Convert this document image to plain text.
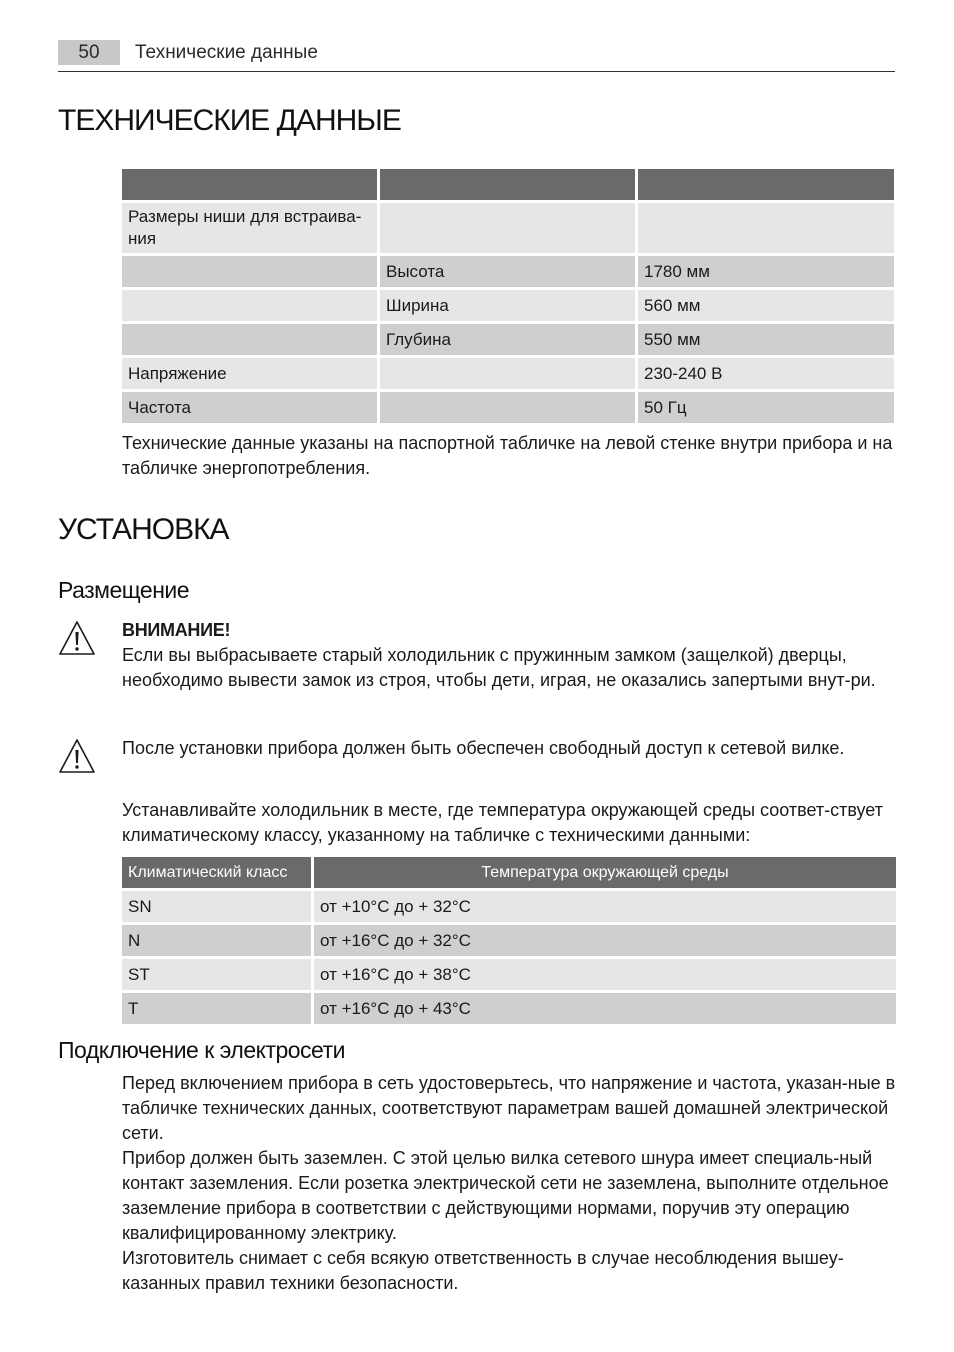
50	Технические данные
ТЕХНИЧЕСКИЕ ДАННЫЕ

Размеры ниши для встраива-ния		
	Высота	1780 мм
	Ширина	560 мм
	Глубина	550 мм
Напряжение		230-240 В
Частота		50 Гц

Технические данные указаны на паспортной табличке на левой стенке внутри прибора и на табличке энергопотребления.

УСТАНОВКА
Размещение
ВНИМАНИЕ!

Если вы выбрасываете старый холодильник с пружинным замком (защелкой) дверцы, необходимо вывести замок из строя, чтобы дети, играя, не оказались запертыми внут-ри.

После установки прибора должен быть обеспечен свободный доступ к сетевой вилке.

Устанавливайте холодильник в месте, где температура окружающей среды соответ-ствует климатическому классу, указанному на табличке с техническими данными:

Климатический класс	Температура окружающей среды
SN	от +10°C до + 32°C
N	от +16°C до + 32°C
ST	от +16°C до + 38°C
T	от +16°C до + 43°C
Подключение к электросети

Перед включением прибора в сеть удостоверьтесь, что напряжение и частота, указан-ные в табличке технических данных, соответствуют параметрам вашей домашней электрической сети.

Прибор должен быть заземлен. С этой целью вилка сетевого шнура имеет специаль-ный контакт заземления. Если розетка электрической сети не заземлена, выполните отдельное заземление прибора в соответствии с действующими нормами, поручив эту операцию квалифицированному электрику.

Изготовитель снимает с себя всякую ответственность в случае несоблюдения вышеу-казанных правил техники безопасности.
